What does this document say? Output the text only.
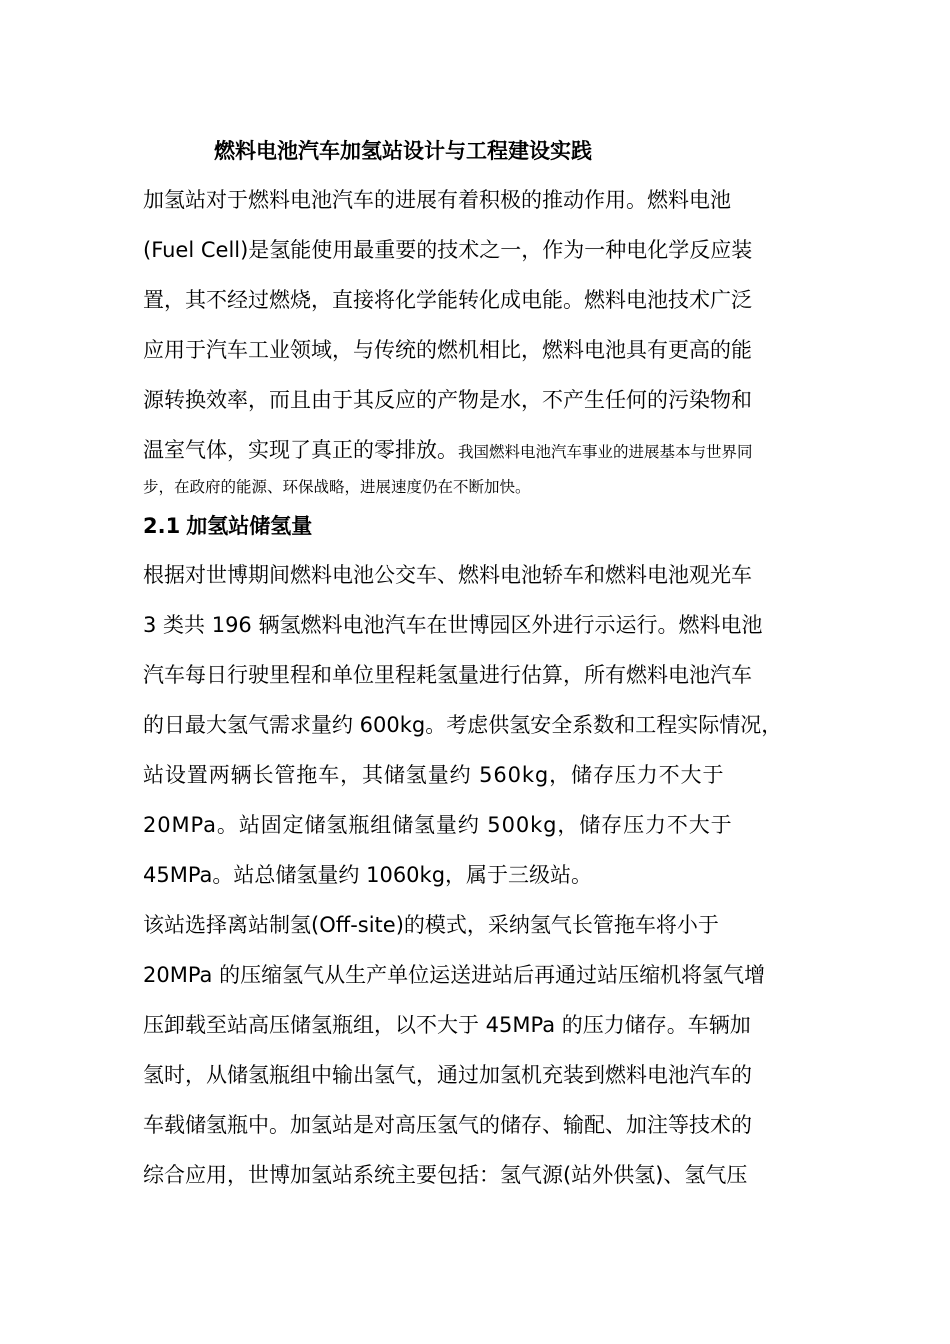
燃料电池汽车加氢站设计与工程建设实践
加氢站对于燃料电池汽车的进展有着积极的推动作用。燃料电池
(Fuel Cell)是氢能使用最重要的技术之一，作为一种电化学反应装
置，其不经过燃烧，直接将化学能转化成电能。燃料电池技术广泛
应用于汽车工业领域，与传统的燃机相比，燃料电池具有更高的能
源转换效率，而且由于其反应的产物是水，不产生任何的污染物和
温室气体，实现了真正的零排放。我国燃料电池汽车事业的进展基本与世界同
步，在政府的能源、环保战略，进展速度仍在不断加快。
2.1 加氢站储氢量
根据对世博期间燃料电池公交车、燃料电池轿车和燃料电池观光车
3 类共 196 辆氢燃料电池汽车在世博园区外进行示运行。燃料电池
汽车每日行驶里程和单位里程耗氢量进行估算，所有燃料电池汽车
的日最大氢气需求量约 600kg。考虑供氢安全系数和工程实际情况，
站设置两辆长管拖车，其储氢量约 560kg，储存压力不大于
20MPa。站固定储氢瓶组储氢量约 500kg，储存压力不大于
45MPa。站总储氢量约 1060kg，属于三级站。
该站选择离站制氢(Off-site)的模式，采纳氢气长管拖车将小于
20MPa 的压缩氢气从生产单位运送进站后再通过站压缩机将氢气增
压卸载至站高压储氢瓶组，以不大于 45MPa 的压力储存。车辆加
氢时，从储氢瓶组中输出氢气，通过加氢机充装到燃料电池汽车的
车载储氢瓶中。加氢站是对高压氢气的储存、输配、加注等技术的
综合应用，世博加氢站系统主要包括：氢气源(站外供氢)、氢气压
